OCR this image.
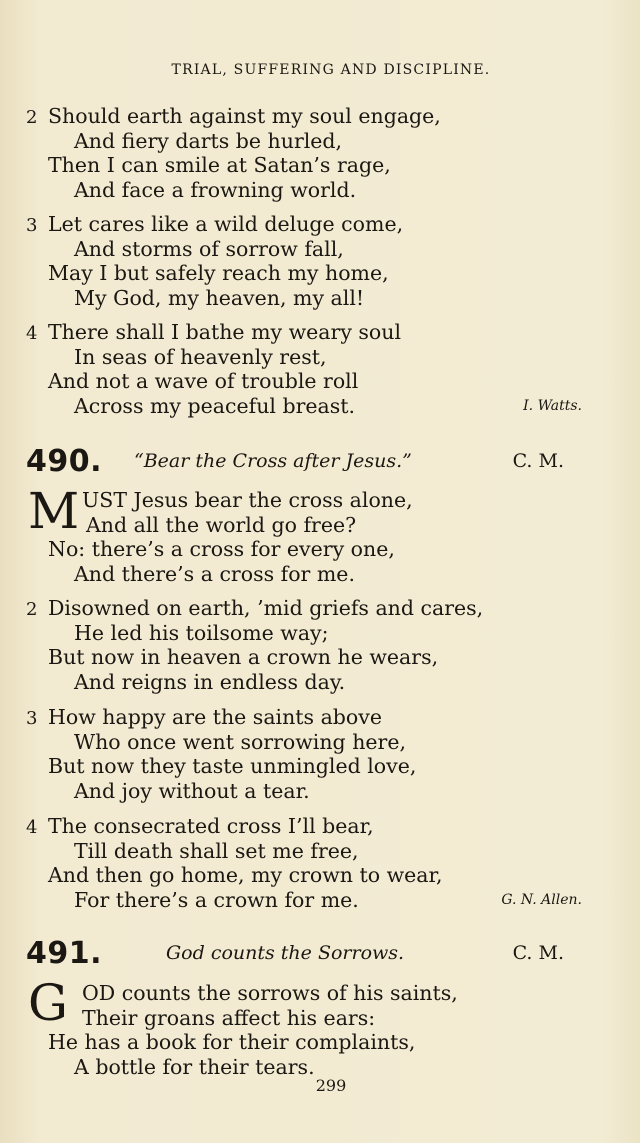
TRIAL, SUFFERING AND DISCIPLINE.
2 Should earth against my soul engage,
And fiery darts be hurled,
Then I can smile at Satan’s rage,
And face a frowning world.
3 Let cares like a wild deluge come,
And storms of sorrow fall,
May I but safely reach my home,
My God, my heaven, my all!
4 There shall I bathe my weary soul
In seas of heavenly rest,
And not a wave of trouble roll
Across my peaceful breast.	I. Watts.
490. “Bear the Cross after Jesus.”	C. M.
M UST Jesus bear the cross alone,
And all the world go free?
No: there’s a cross for every one,
And there’s a cross for me.
2 Disowned on earth, ’mid griefs and cares,
He led his toilsome way;
But now in heaven a crown he wears,
And reigns in endless day.
3 How happy are the saints above
Who once went sorrowing here,
But now they taste unmingled love,
And joy without a tear.
4 The consecrated cross I’ll bear,
Till death shall set me free,
And then go home, my crown to wear,
For there’s a crown for me.	G. N. Allen.
491.	God counts the Sorrows.	C. M.
G OD counts the sorrows of his saints,
Their groans affect his ears:
He has a book for their complaints,
A bottle for their tears.
299
